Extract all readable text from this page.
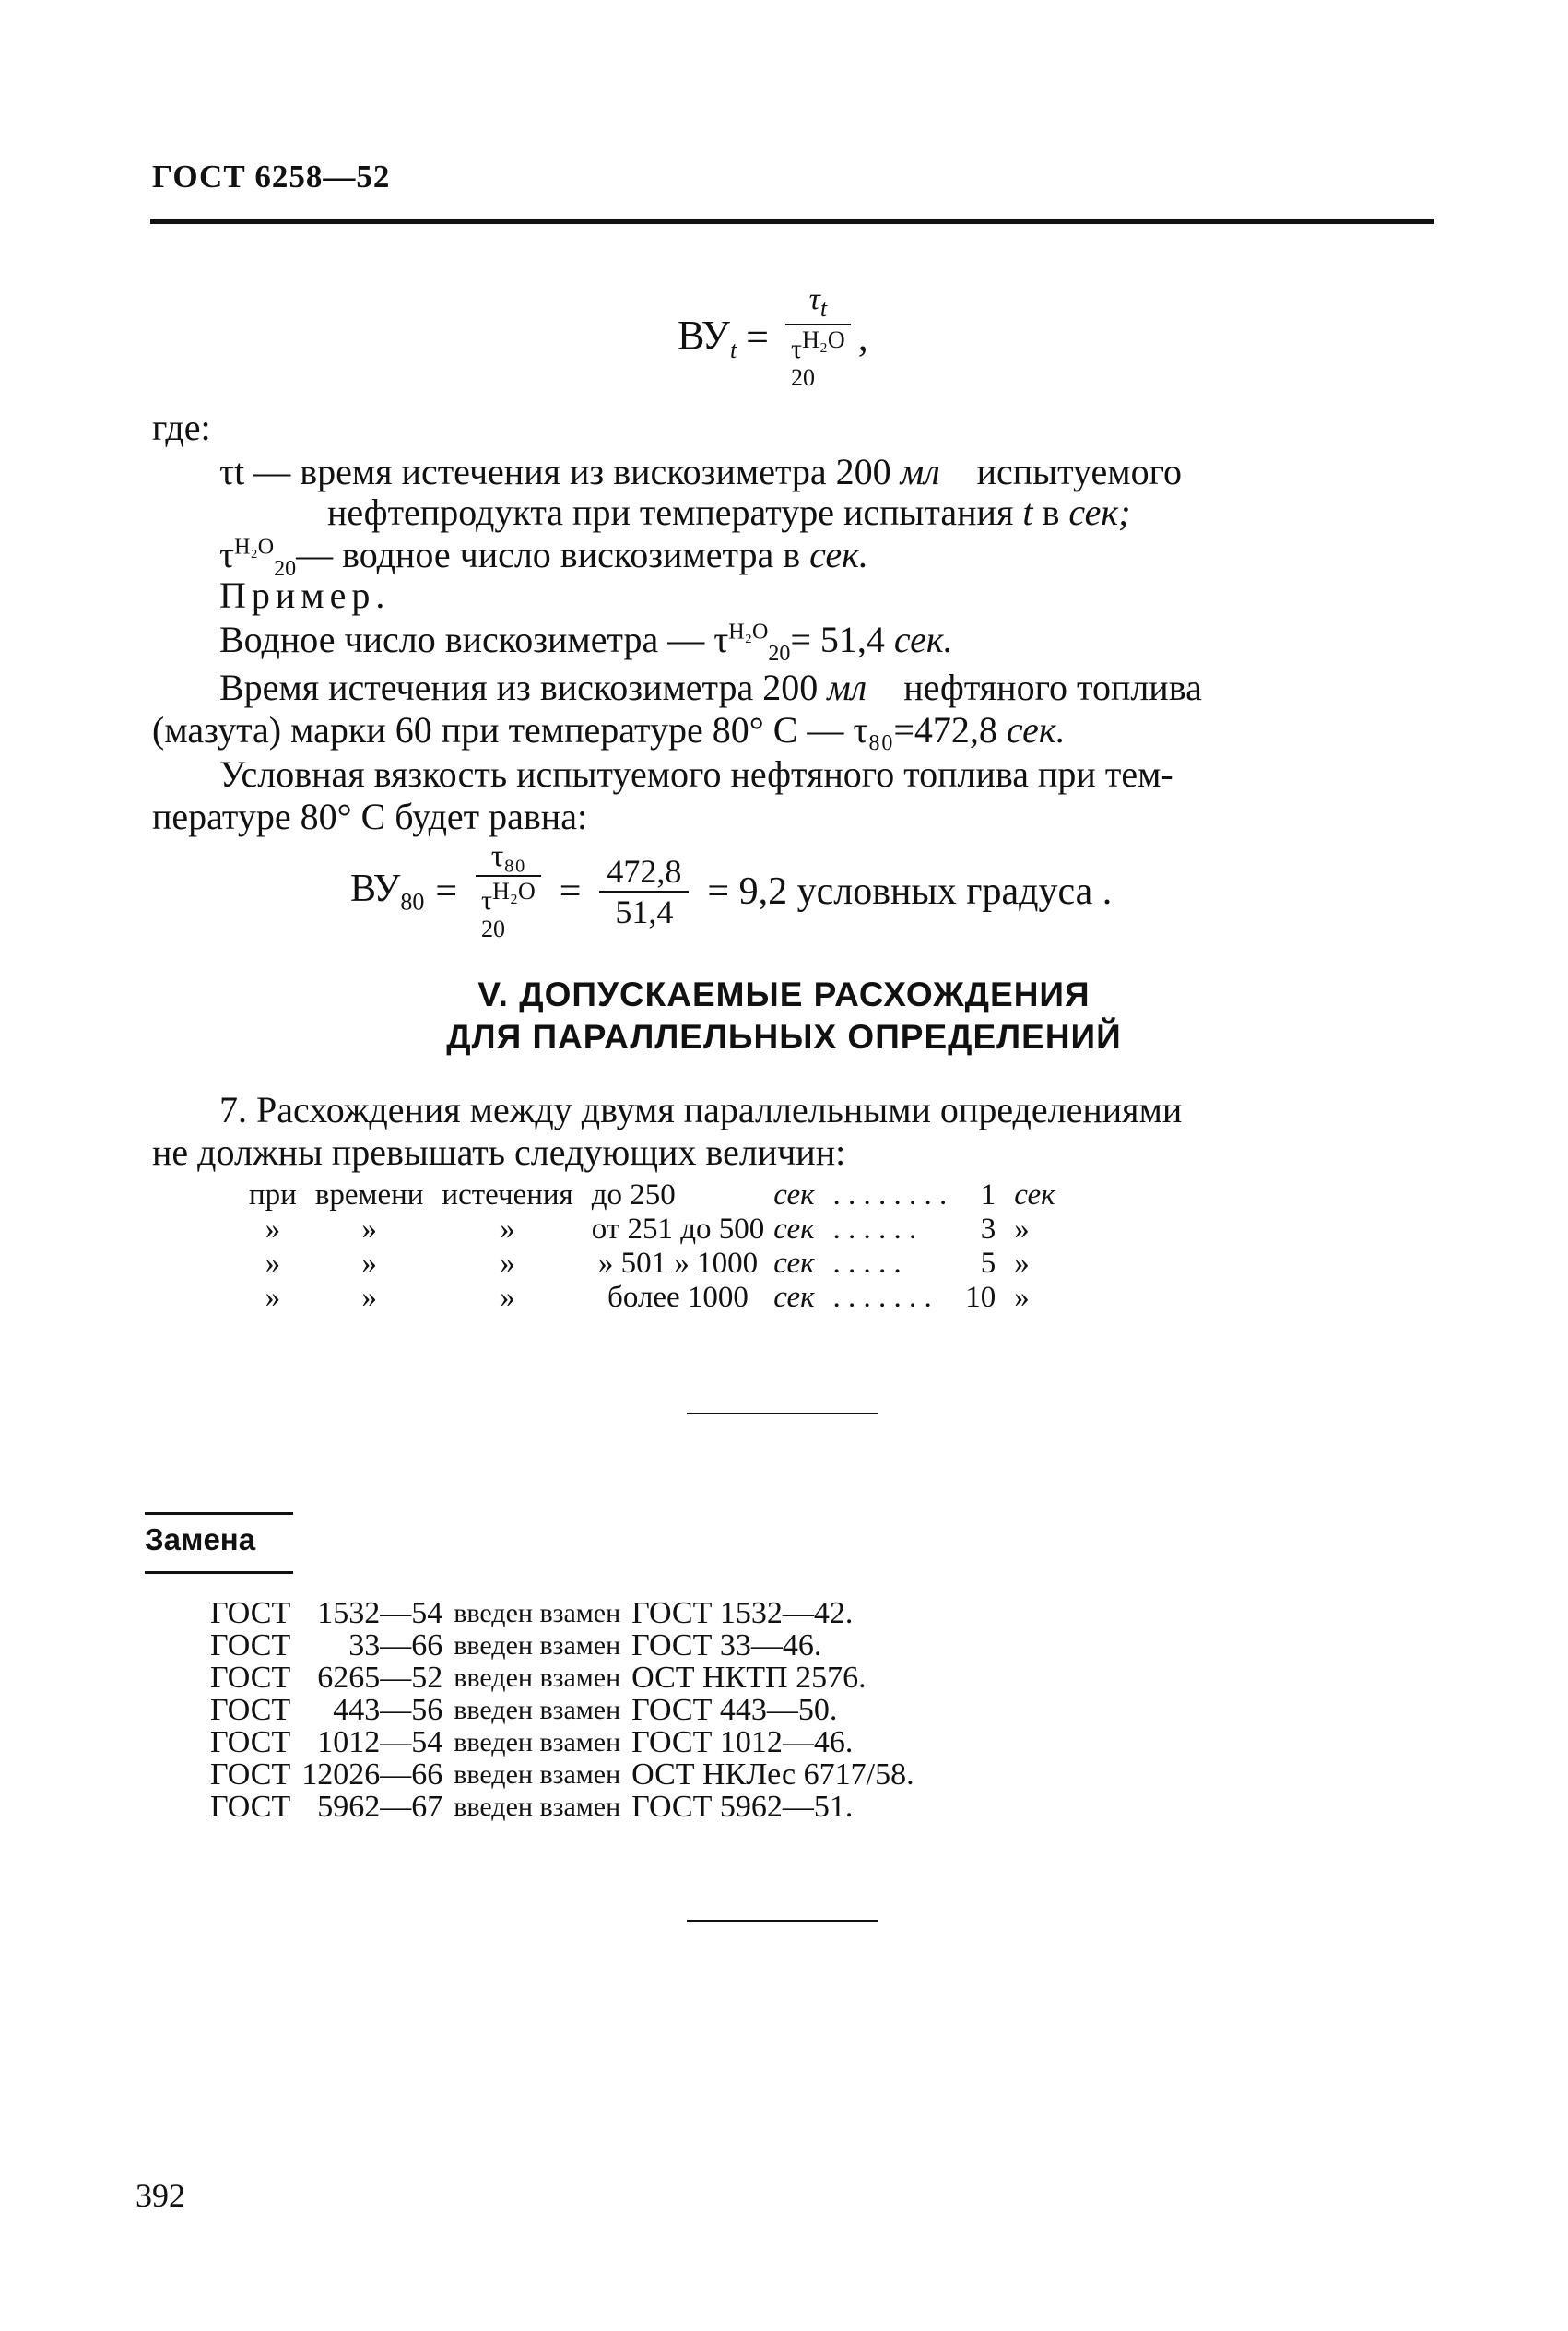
ГОСТ 6258—52
$ВУ_t$ =
$\tau_t$
$\tau^{H_2O}$
20
,
где:
τt — время истечения из вискозиметра 200 мл испытуемого
нефтепродукта при температуре испытания t в сек;
$\tau^{H_2O}_{20}—$ водное число вискозиметра в сек.
Пример.
Водное число вискозиметра — $\tau^{H_2O}_{20}= 51,4$ сек.
Время истечения из вискозиметра 200 мл нефтяного топлива
(мазута) марки 60 при температуре 80° С — τ₈₀=472,8 сек.
Условная вязкость испытуемого нефтяного топлива при тем-
пературе 80° С будет равна:
$ВУ_{80}$ =
τ₈₀
$\tau^{H_2O}$
20
= $\frac{472,8}{51,4} = 9,2$ условных градуса .
V. ДОПУСКАЕМЫЕ РАСХОЖДЕНИЯ
ДЛЯ ПАРАЛЛЕЛЬНЫХ ОПРЕДЕЛЕНИЙ
7. Расхождения между двумя параллельными определениями
не должны превышать следующих величин:
при	времени	истечения	до 250	сек	. . . . . . . .	1	сек
»	»	»	от 251 до 500	сек	. . . . . .	3	»
»	»	»	» 501 » 1000	сек	. . . . .	5	»
»	»	»	более 1000	сек	. . . . . . .	10	»
Замена
ГОСТ	1532—54	введен взамен	ГОСТ 1532—42.
ГОСТ	33—66	введен взамен	ГОСТ 33—46.
ГОСТ	6265—52	введен взамен	ОСТ НКТП 2576.
ГОСТ	443—56	введен взамен	ГОСТ 443—50.
ГОСТ	1012—54	введен взамен	ГОСТ 1012—46.
ГОСТ	12026—66	введен взамен	ОСТ НКЛес 6717/58.
ГОСТ	5962—67	введен взамен	ГОСТ 5962—51.
392
